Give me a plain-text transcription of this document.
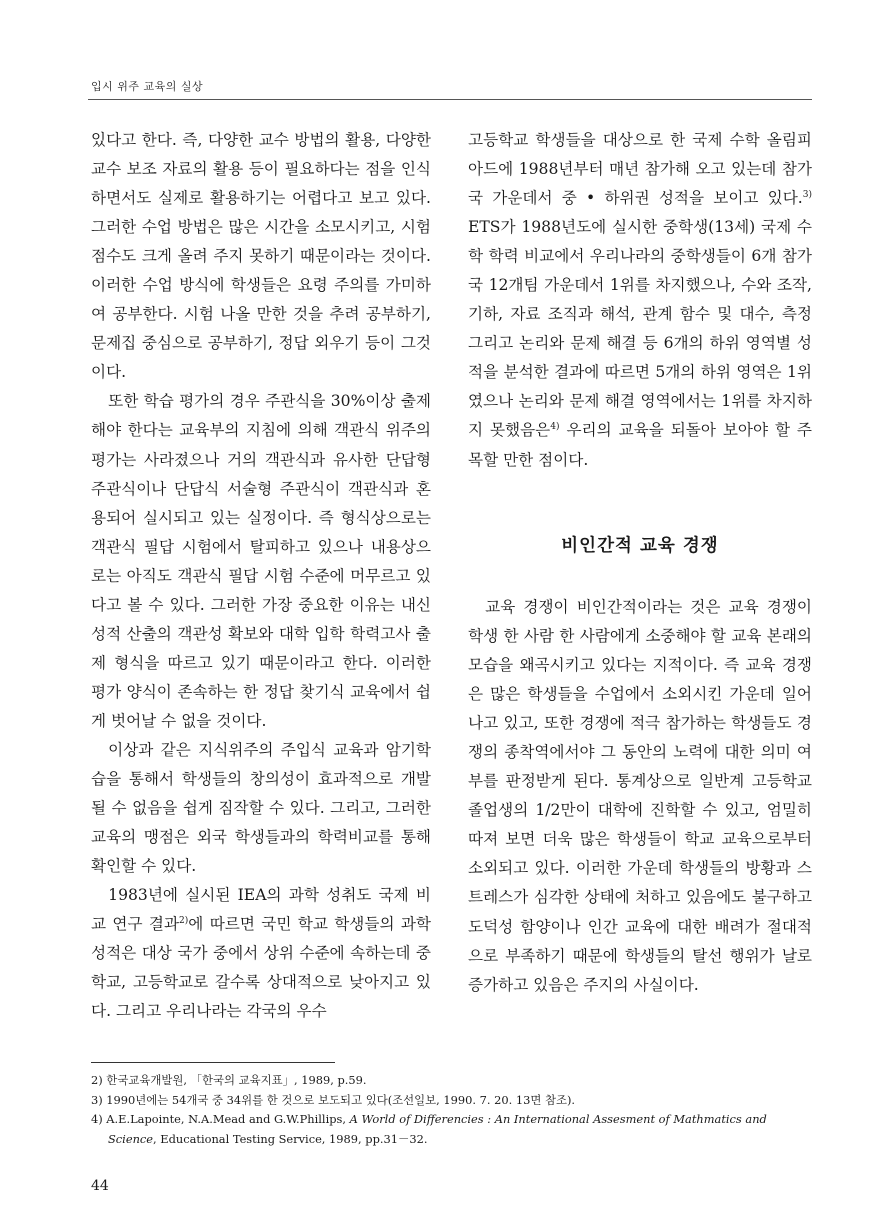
입시 위주 교육의 실상

있다고 한다. 즉, 다양한 교수 방법의 활용, 다양한 교수 보조 자료의 활용 등이 필요하다는 점을 인식하면서도 실제로 활용하기는 어렵다고 보고 있다. 그러한 수업 방법은 많은 시간을 소모시키고, 시험 점수도 크게 올려 주지 못하기 때문이라는 것이다. 이러한 수업 방식에 학생들은 요령 주의를 가미하여 공부한다. 시험 나올 만한 것을 추려 공부하기, 문제집 중심으로 공부하기, 정답 외우기 등이 그것이다.

또한 학습 평가의 경우 주관식을 30%이상 출제해야 한다는 교육부의 지침에 의해 객관식 위주의 평가는 사라졌으나 거의 객관식과 유사한 단답형 주관식이나 단답식 서술형 주관식이 객관식과 혼용되어 실시되고 있는 실정이다. 즉 형식상으로는 객관식 필답 시험에서 탈피하고 있으나 내용상으로는 아직도 객관식 필답 시험 수준에 머무르고 있다고 볼 수 있다. 그러한 가장 중요한 이유는 내신 성적 산출의 객관성 확보와 대학 입학 학력고사 출제 형식을 따르고 있기 때문이라고 한다. 이러한 평가 양식이 존속하는 한 정답 찾기식 교육에서 쉽게 벗어날 수 없을 것이다.

이상과 같은 지식위주의 주입식 교육과 암기학습을 통해서 학생들의 창의성이 효과적으로 개발될 수 없음을 쉽게 짐작할 수 있다. 그리고, 그러한 교육의 맹점은 외국 학생들과의 학력비교를 통해 확인할 수 있다.

1983년에 실시된 IEA의 과학 성취도 국제 비교 연구 결과$^{2)}$에 따르면 국민 학교 학생들의 과학 성적은 대상 국가 중에서 상위 수준에 속하는데 중학교, 고등학교로 갈수록 상대적으로 낮아지고 있다. 그리고 우리나라는 각국의 우수

고등학교 학생들을 대상으로 한 국제 수학 올림피아드에 1988년부터 매년 참가해 오고 있는데 참가국 가운데서 중 • 하위권 성적을 보이고 있다.$^{3)}$ ETS가 1988년도에 실시한 중학생(13세) 국제 수학 학력 비교에서 우리나라의 중학생들이 6개 참가국 12개팀 가운데서 1위를 차지했으나, 수와 조작, 기하, 자료 조직과 해석, 관계 함수 및 대수, 측정 그리고 논리와 문제 해결 등 6개의 하위 영역별 성적을 분석한 결과에 따르면 5개의 하위 영역은 1위였으나 논리와 문제 해결 영역에서는 1위를 차지하지 못했음은$^{4)}$ 우리의 교육을 되돌아 보아야 할 주목할 만한 점이다.

비인간적 교육 경쟁

교육 경쟁이 비인간적이라는 것은 교육 경쟁이 학생 한 사람 한 사람에게 소중해야 할 교육 본래의 모습을 왜곡시키고 있다는 지적이다. 즉 교육 경쟁은 많은 학생들을 수업에서 소외시킨 가운데 일어나고 있고, 또한 경쟁에 적극 참가하는 학생들도 경쟁의 종착역에서야 그 동안의 노력에 대한 의미 여부를 판정받게 된다. 통계상으로 일반계 고등학교 졸업생의 1/2만이 대학에 진학할 수 있고, 엄밀히 따져 보면 더욱 많은 학생들이 학교 교육으로부터 소외되고 있다. 이러한 가운데 학생들의 방황과 스트레스가 심각한 상태에 처하고 있음에도 불구하고 도덕성 함양이나 인간 교육에 대한 배려가 절대적으로 부족하기 때문에 학생들의 탈선 행위가 날로 증가하고 있음은 주지의 사실이다.

2) 한국교육개발원, 「한국의 교육지표」, 1989, p.59.

3) 1990년에는 54개국 중 34위를 한 것으로 보도되고 있다(조선일보, 1990. 7. 20. 13면 참조).

4) A.E.Lapointe, N.A.Mead and G.W.Phillips, A World of Differencies : An International Assesment of Mathmatics and Science, Educational Testing Service, 1989, pp.31－32.

44
